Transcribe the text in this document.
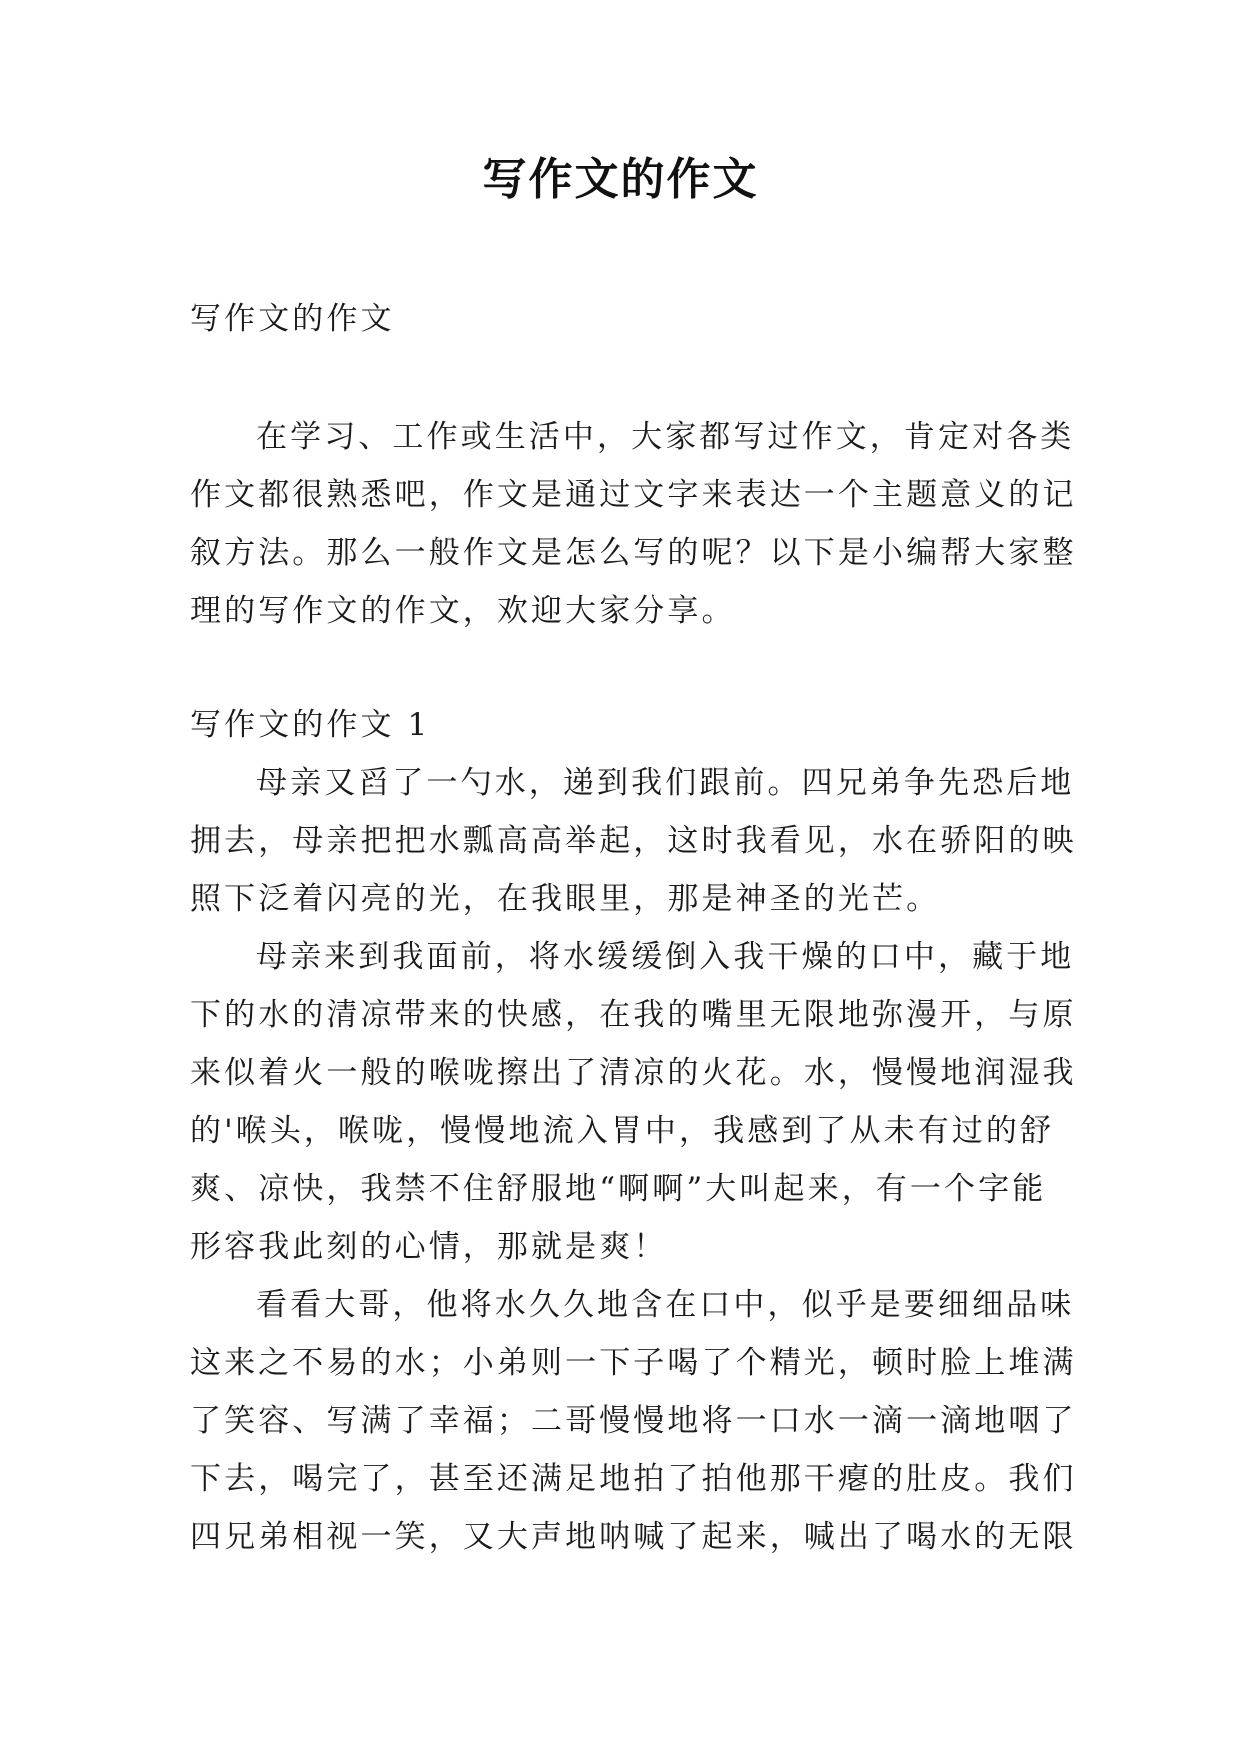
写作文的作文
写作文的作文
在学习、工作或生活中，大家都写过作文，肯定对各类
作文都很熟悉吧，作文是通过文字来表达一个主题意义的记
叙方法。那么一般作文是怎么写的呢？以下是小编帮大家整
理的写作文的作文，欢迎大家分享。
写作文的作文 1
母亲又舀了一勺水，递到我们跟前。四兄弟争先恐后地
拥去，母亲把把水瓢高高举起，这时我看见，水在骄阳的映
照下泛着闪亮的光，在我眼里，那是神圣的光芒。
母亲来到我面前，将水缓缓倒入我干燥的口中，藏于地
下的水的清凉带来的快感，在我的嘴里无限地弥漫开，与原
来似着火一般的喉咙擦出了清凉的火花。水，慢慢地润湿我
的'喉头，喉咙，慢慢地流入胃中，我感到了从未有过的舒
爽、凉快，我禁不住舒服地“啊啊”大叫起来，有一个字能
形容我此刻的心情，那就是爽！
看看大哥，他将水久久地含在口中，似乎是要细细品味
这来之不易的水；小弟则一下子喝了个精光，顿时脸上堆满
了笑容、写满了幸福；二哥慢慢地将一口水一滴一滴地咽了
下去，喝完了，甚至还满足地拍了拍他那干瘪的肚皮。我们
四兄弟相视一笑，又大声地呐喊了起来，喊出了喝水的无限
